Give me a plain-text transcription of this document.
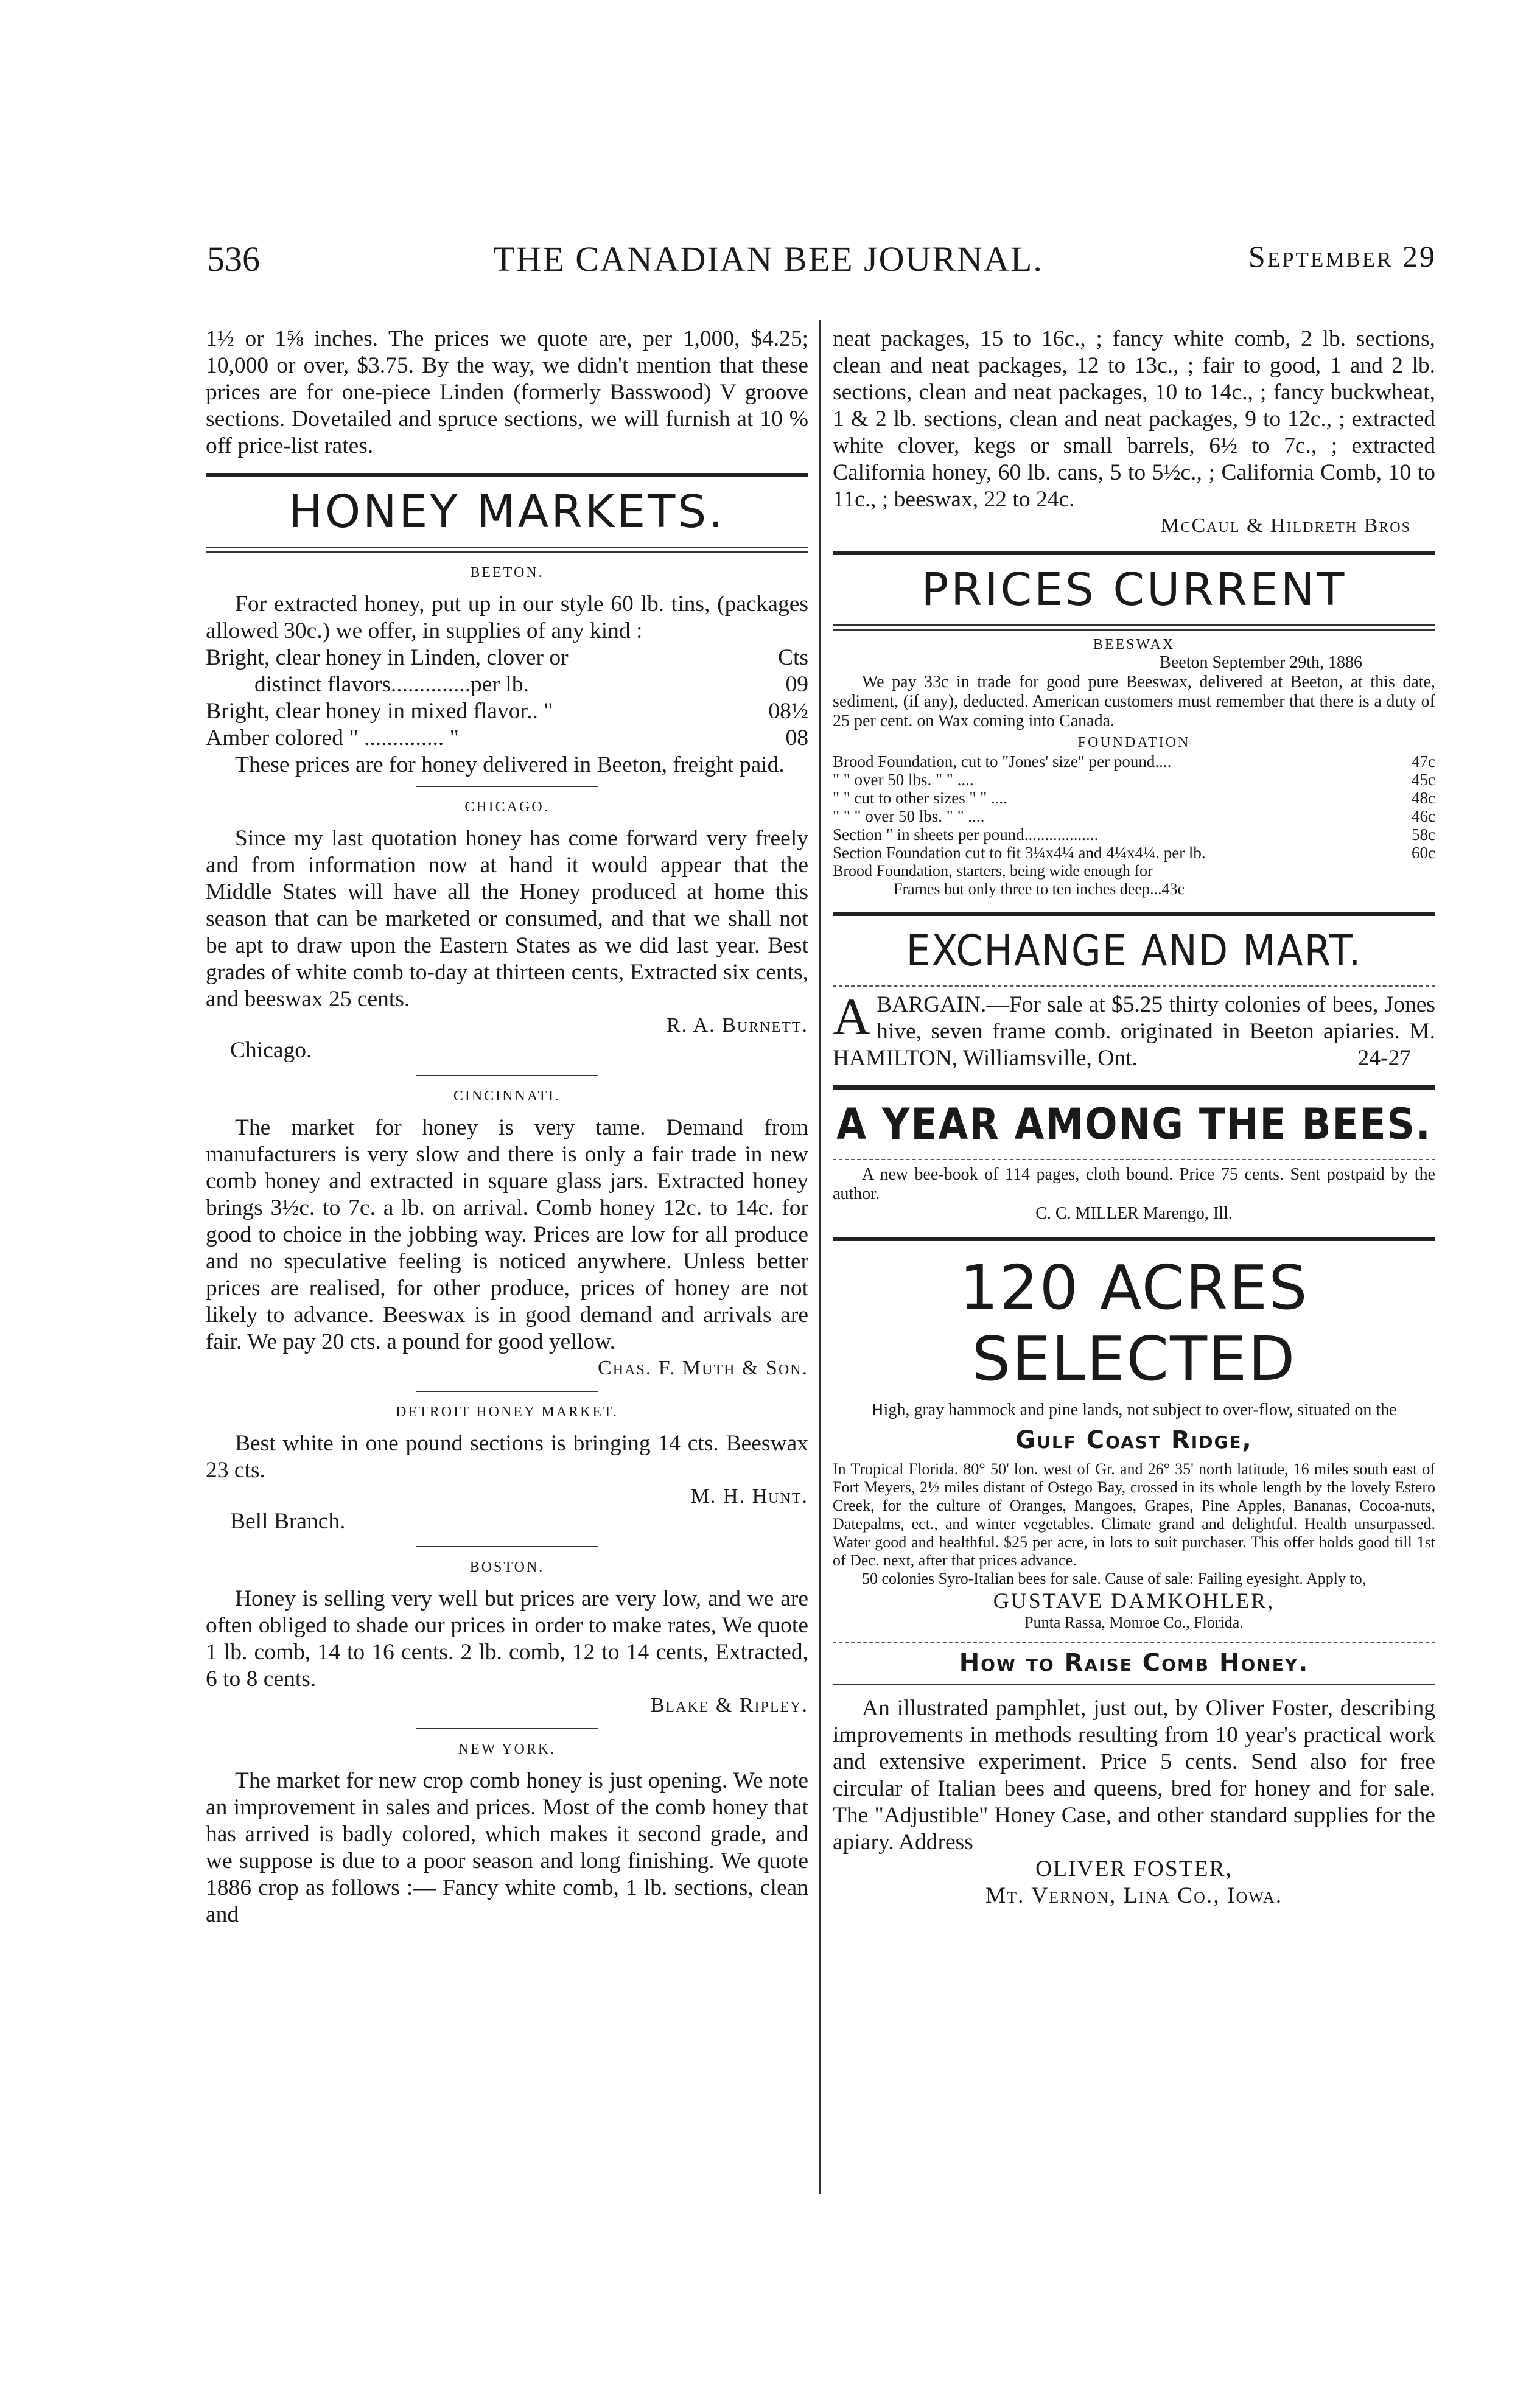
536	THE CANADIAN BEE JOURNAL.	September 29

1½ or 1⅝ inches. The prices we quote are, per 1,000, $4.25; 10,000 or over, $3.75. By the way, we didn't mention that these prices are for one-piece Linden (formerly Basswood) V groove sections. Dovetailed and spruce sections, we will furnish at 10 % off price-list rates.

HONEY MARKETS.
BEETON.

For extracted honey, put up in our style 60 lb. tins, (packages allowed 30c.) we offer, in supplies of any kind :

Bright, clear honey in Linden, clover or	Cts
distinct flavors..............per lb.	09
Bright, clear honey in mixed flavor.. "	08½
Amber colored " .............. "	08

These prices are for honey delivered in Beeton, freight paid.

CHICAGO.

Since my last quotation honey has come forward very freely and from information now at hand it would appear that the Middle States will have all the Honey produced at home this season that can be marketed or consumed, and that we shall not be apt to draw upon the Eastern States as we did last year. Best grades of white comb to-day at thirteen cents, Extracted six cents, and beeswax 25 cents.

R. A. Burnett.

Chicago.

CINCINNATI.

The market for honey is very tame. Demand from manufacturers is very slow and there is only a fair trade in new comb honey and extracted in square glass jars. Extracted honey brings 3½c. to 7c. a lb. on arrival. Comb honey 12c. to 14c. for good to choice in the jobbing way. Prices are low for all produce and no speculative feeling is noticed anywhere. Unless better prices are realised, for other produce, prices of honey are not likely to advance. Beeswax is in good demand and arrivals are fair. We pay 20 cts. a pound for good yellow.

Chas. F. Muth & Son.

DETROIT HONEY MARKET.

Best white in one pound sections is bringing 14 cts. Beeswax 23 cts.

M. H. Hunt.

Bell Branch.

BOSTON.

Honey is selling very well but prices are very low, and we are often obliged to shade our prices in order to make rates, We quote 1 lb. comb, 14 to 16 cents. 2 lb. comb, 12 to 14 cents, Extracted, 6 to 8 cents.

Blake & Ripley.

NEW YORK.

The market for new crop comb honey is just opening. We note an improvement in sales and prices. Most of the comb honey that has arrived is badly colored, which makes it second grade, and we suppose is due to a poor season and long finishing. We quote 1886 crop as follows :— Fancy white comb, 1 lb. sections, clean and

neat packages, 15 to 16c., ; fancy white comb, 2 lb. sections, clean and neat packages, 12 to 13c., ; fair to good, 1 and 2 lb. sections, clean and neat packages, 10 to 14c., ; fancy buckwheat, 1 & 2 lb. sections, clean and neat packages, 9 to 12c., ; extracted white clover, kegs or small barrels, 6½ to 7c., ; extracted California honey, 60 lb. cans, 5 to 5½c., ; California Comb, 10 to 11c., ; beeswax, 22 to 24c.

McCaul & Hildreth Bros

PRICES CURRENT
BEESWAX

Beeton September 29th, 1886

We pay 33c in trade for good pure Beeswax, delivered at Beeton, at this date, sediment, (if any), deducted. American customers must remember that there is a duty of 25 per cent. on Wax coming into Canada.

FOUNDATION
Brood Foundation, cut to "Jones' size" per pound....	47c
" " over 50 lbs. " " ....	45c
" " cut to other sizes " " ....	48c
" " " over 50 lbs. " " ....	46c
Section " in sheets per pound..................	58c
Section Foundation cut to fit 3¼x4¼ and 4¼x4¼. per lb.	60c

Brood Foundation, starters, being wide enough for

Frames but only three to ten inches deep...43c

EXCHANGE AND MART.
A BARGAIN.—For sale at $5.25 thirty colonies of bees, Jones hive, seven frame comb. originated in Beeton apiaries. M. HAMILTON, Williamsville, Ont.	24-27

A YEAR AMONG THE BEES.

A new bee-book of 114 pages, cloth bound. Price 75 cents. Sent postpaid by the author.

C. C. MILLER Marengo, Ill.

120 ACRES SELECTED

High, gray hammock and pine lands, not subject to over-flow, situated on the

Gulf Coast Ridge,

In Tropical Florida. 80° 50' lon. west of Gr. and 26° 35' north latitude, 16 miles south east of Fort Meyers, 2½ miles distant of Ostego Bay, crossed in its whole length by the lovely Estero Creek, for the culture of Oranges, Mangoes, Grapes, Pine Apples, Bananas, Cocoa-nuts, Datepalms, ect., and winter vegetables. Climate grand and delightful. Health unsurpassed. Water good and healthful. $25 per acre, in lots to suit purchaser. This offer holds good till 1st of Dec. next, after that prices advance.

50 colonies Syro-Italian bees for sale. Cause of sale: Failing eyesight. Apply to,

GUSTAVE DAMKOHLER,

Punta Rassa, Monroe Co., Florida.

How to Raise Comb Honey.

An illustrated pamphlet, just out, by Oliver Foster, describing improvements in methods resulting from 10 year's practical work and extensive experiment. Price 5 cents. Send also for free circular of Italian bees and queens, bred for honey and for sale. The "Adjustible" Honey Case, and other standard supplies for the apiary. Address

OLIVER FOSTER,

Mt. Vernon, Lina Co., Iowa.
